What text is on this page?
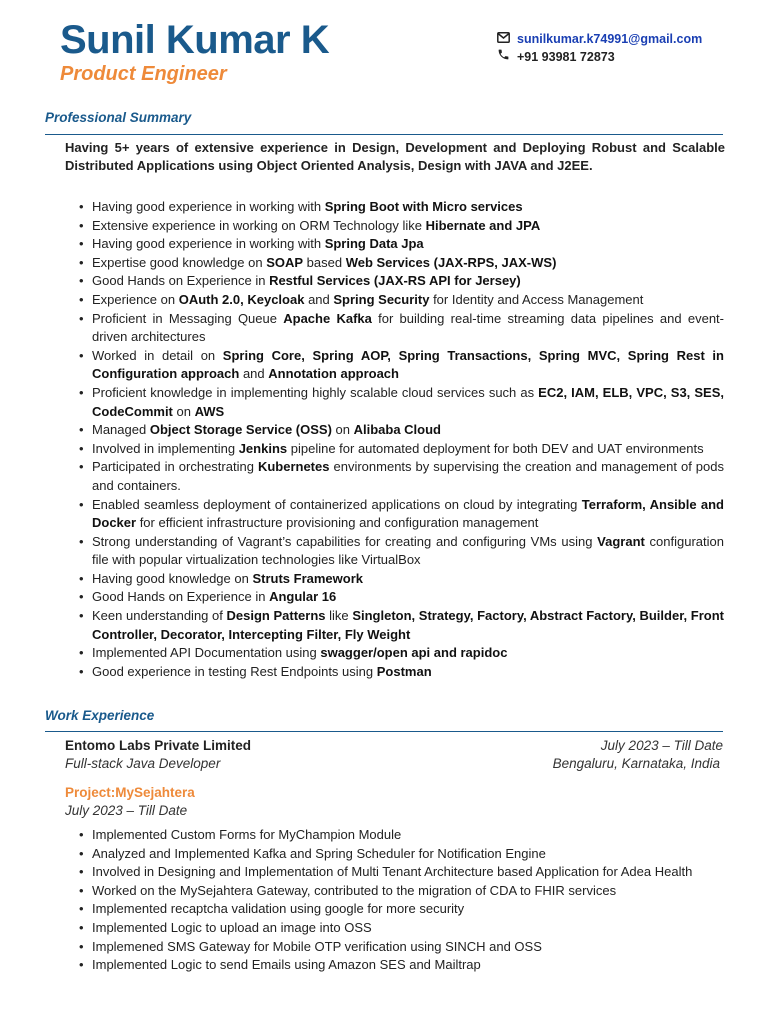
Sunil Kumar K
Product Engineer
sunilkumar.k74991@gmail.com
+91 93981 72873
Professional Summary

Having 5+ years of extensive experience in Design, Development and Deploying Robust and Scalable Distributed Applications using Object Oriented Analysis, Design with JAVA and J2EE.

• Having good experience in working with Spring Boot with Micro services
• Extensive experience in working on ORM Technology like Hibernate and JPA
• Having good experience in working with Spring Data Jpa
• Expertise good knowledge on SOAP based Web Services (JAX-RPS, JAX-WS)
• Good Hands on Experience in Restful Services (JAX-RS API for Jersey)
• Experience on OAuth 2.0, Keycloak and Spring Security for Identity and Access Management
• Proficient in Messaging Queue Apache Kafka for building real-time streaming data pipelines and event-driven architectures
• Worked in detail on Spring Core, Spring AOP, Spring Transactions, Spring MVC, Spring Rest in Configuration approach and Annotation approach
• Proficient knowledge in implementing highly scalable cloud services such as EC2, IAM, ELB, VPC, S3, SES, CodeCommit on AWS
• Managed Object Storage Service (OSS) on Alibaba Cloud
• Involved in implementing Jenkins pipeline for automated deployment for both DEV and UAT environments
• Participated in orchestrating Kubernetes environments by supervising the creation and management of pods and containers.
• Enabled seamless deployment of containerized applications on cloud by integrating Terraform, Ansible and Docker for efficient infrastructure provisioning and configuration management
• Strong understanding of Vagrant’s capabilities for creating and configuring VMs using Vagrant configuration file with popular virtualization technologies like VirtualBox
• Having good knowledge on Struts Framework
• Good Hands on Experience in Angular 16
• Keen understanding of Design Patterns like Singleton, Strategy, Factory, Abstract Factory, Builder, Front Controller, Decorator, Intercepting Filter, Fly Weight
• Implemented API Documentation using swagger/open api and rapidoc
• Good experience in testing Rest Endpoints using Postman
Work Experience
Entomo Labs Private Limited
Full-stack Java Developer
July 2023 – Till Date
Bengaluru, Karnataka, India
Project:MySejahtera
July 2023 – Till Date
• Implemented Custom Forms for MyChampion Module
• Analyzed and Implemented Kafka and Spring Scheduler for Notification Engine
• Involved in Designing and Implementation of Multi Tenant Architecture based Application for Adea Health
• Worked on the MySejahtera Gateway, contributed to the migration of CDA to FHIR services
• Implemented recaptcha validation using google for more security
• Implemented Logic to upload an image into OSS
• Implemened SMS Gateway for Mobile OTP verification using SINCH and OSS
• Implemented Logic to send Emails using Amazon SES and Mailtrap
